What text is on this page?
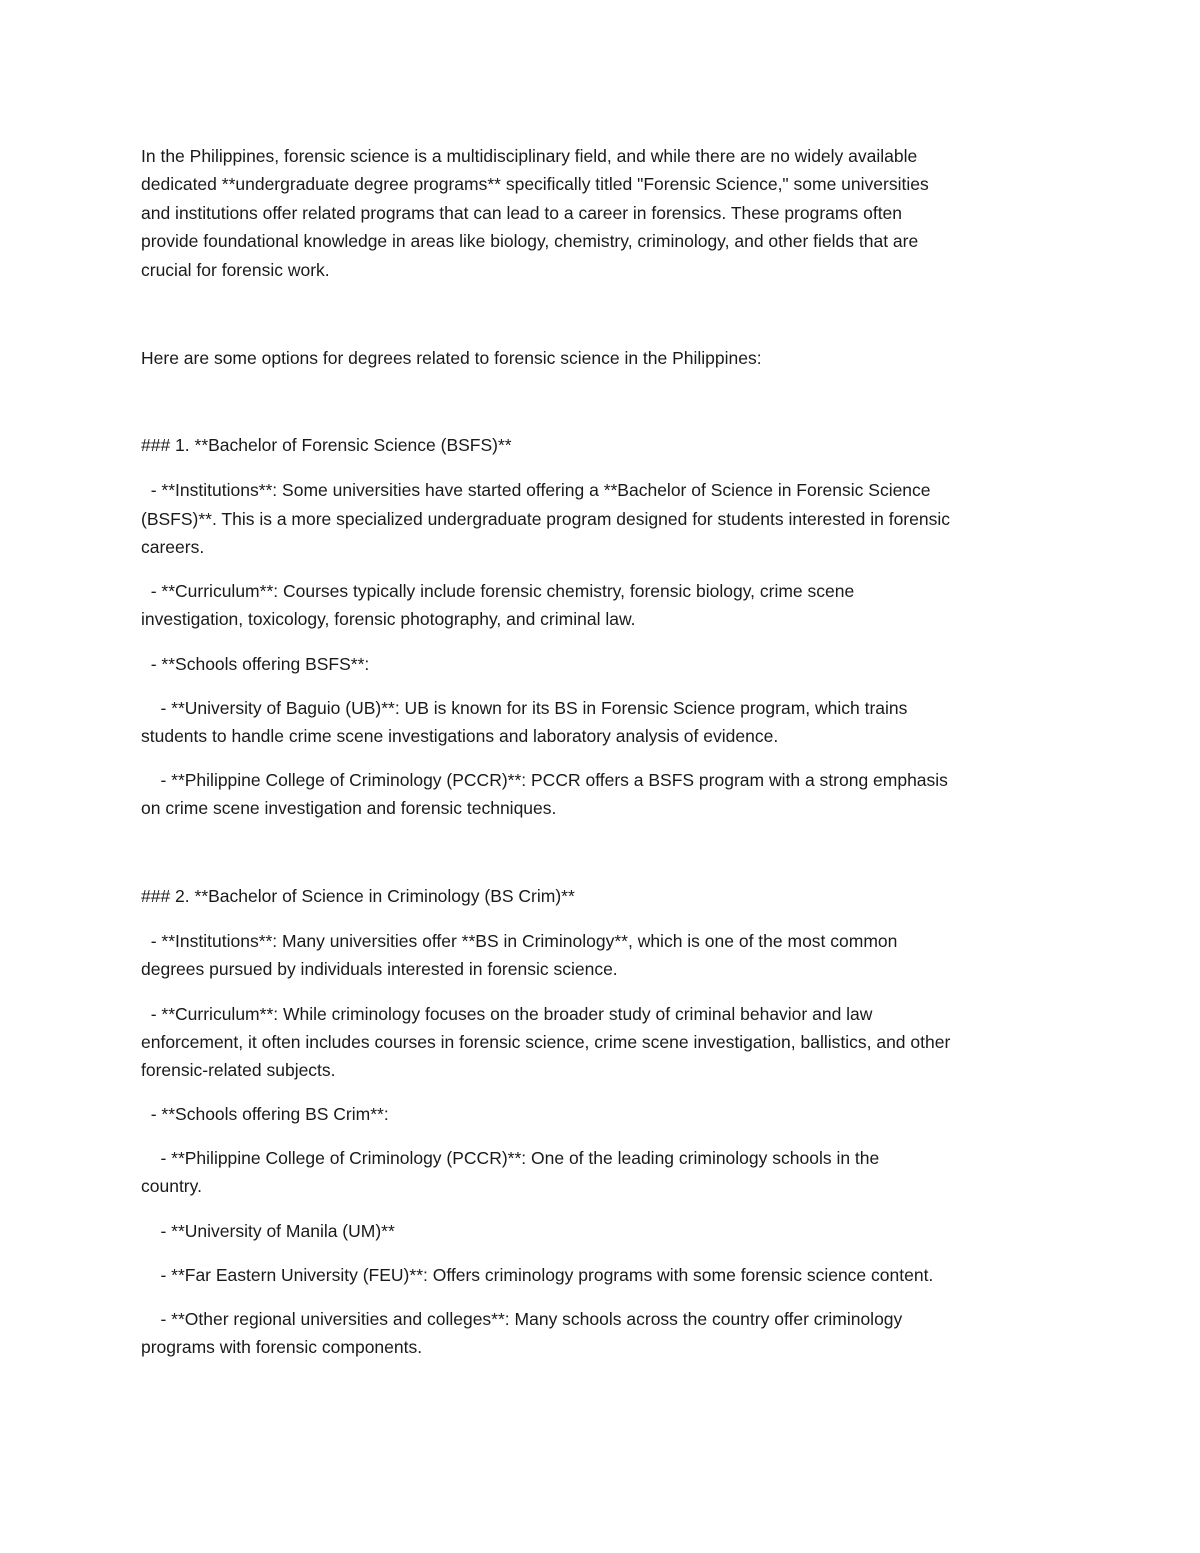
In the Philippines, forensic science is a multidisciplinary field, and while there are no widely available

dedicated **undergraduate degree programs** specifically titled "Forensic Science," some universities

and institutions offer related programs that can lead to a career in forensics. These programs often

provide foundational knowledge in areas like biology, chemistry, criminology, and other fields that are

crucial for forensic work.

Here are some options for degrees related to forensic science in the Philippines:

### 1. **Bachelor of Forensic Science (BSFS)**

- **Institutions**: Some universities have started offering a **Bachelor of Science in Forensic Science

(BSFS)**. This is a more specialized undergraduate program designed for students interested in forensic

careers.

- **Curriculum**: Courses typically include forensic chemistry, forensic biology, crime scene

investigation, toxicology, forensic photography, and criminal law.

- **Schools offering BSFS**:

- **University of Baguio (UB)**: UB is known for its BS in Forensic Science program, which trains

students to handle crime scene investigations and laboratory analysis of evidence.

- **Philippine College of Criminology (PCCR)**: PCCR offers a BSFS program with a strong emphasis

on crime scene investigation and forensic techniques.

### 2. **Bachelor of Science in Criminology (BS Crim)**

- **Institutions**: Many universities offer **BS in Criminology**, which is one of the most common

degrees pursued by individuals interested in forensic science.

- **Curriculum**: While criminology focuses on the broader study of criminal behavior and law

enforcement, it often includes courses in forensic science, crime scene investigation, ballistics, and other

forensic-related subjects.

- **Schools offering BS Crim**:

- **Philippine College of Criminology (PCCR)**: One of the leading criminology schools in the

country.

- **University of Manila (UM)**

- **Far Eastern University (FEU)**: Offers criminology programs with some forensic science content.

- **Other regional universities and colleges**: Many schools across the country offer criminology

programs with forensic components.
